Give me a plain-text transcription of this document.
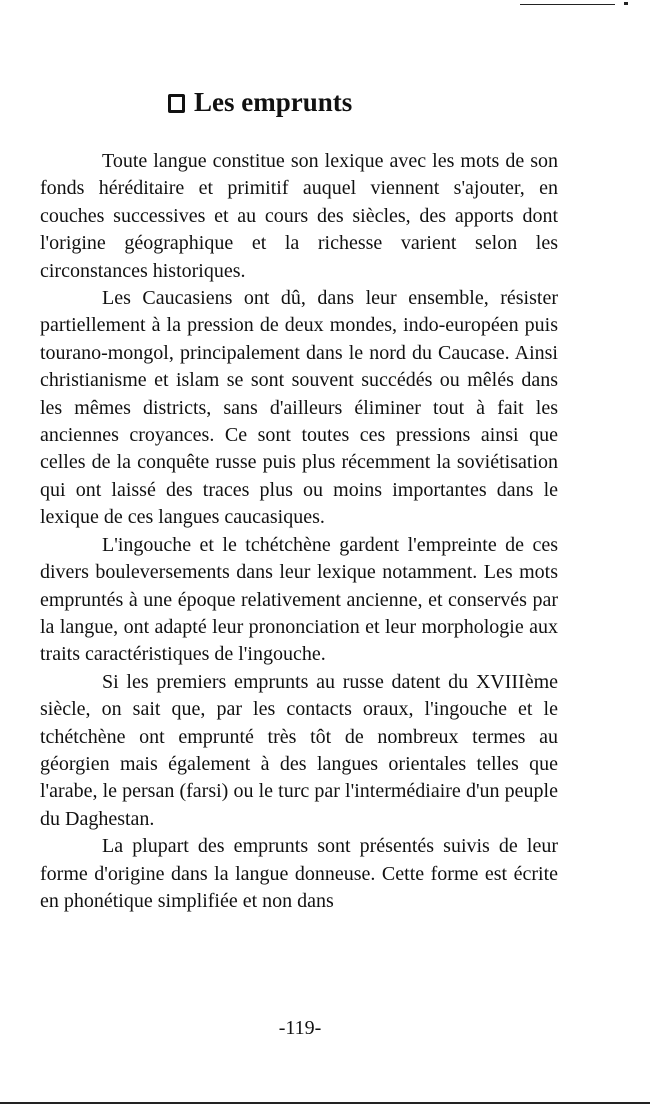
Les emprunts

Toute langue constitue son lexique avec les mots de son fonds héréditaire et primitif auquel viennent s'ajouter, en couches successives et au cours des siècles, des apports dont l'origine géographique et la richesse varient selon les circonstances historiques.

Les Caucasiens ont dû, dans leur ensemble, résister partiellement à la pression de deux mondes, indo-européen puis tourano-mongol, principalement dans le nord du Caucase. Ainsi christianisme et islam se sont souvent succédés ou mêlés dans les mêmes districts, sans d'ailleurs éliminer tout à fait les anciennes croyances. Ce sont toutes ces pressions ainsi que celles de la conquête russe puis plus récemment la soviétisation qui ont laissé des traces plus ou moins importantes dans le lexique de ces langues caucasiques.

L'ingouche et le tchétchène gardent l'empreinte de ces divers bouleversements dans leur lexique notamment. Les mots empruntés à une époque relativement ancienne, et conservés par la langue, ont adapté leur prononciation et leur morphologie aux traits caractéristiques de l'ingouche.

Si les premiers emprunts au russe datent du XVIIIème siècle, on sait que, par les contacts oraux, l'ingouche et le tchétchène ont emprunté très tôt de nombreux termes au géorgien mais également à des langues orientales telles que l'arabe, le persan (farsi) ou le turc par l'intermédiaire d'un peuple du Daghestan.

La plupart des emprunts sont présentés suivis de leur forme d'origine dans la langue donneuse. Cette forme est écrite en phonétique simplifiée et non dans

-119-
